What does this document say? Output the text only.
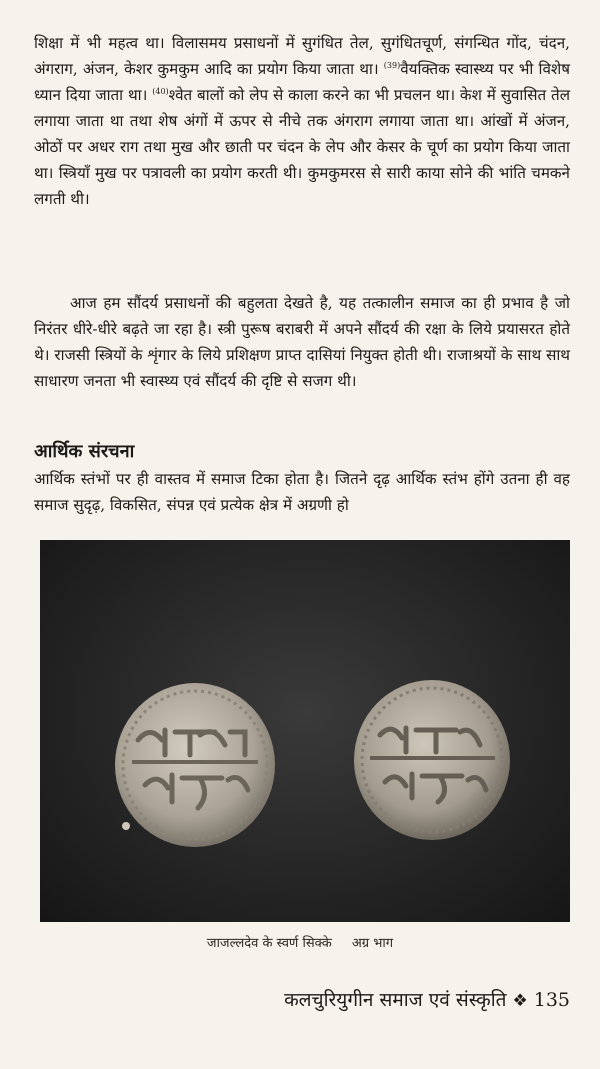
शिक्षा में भी महत्व था। विलासमय प्रसाधनों में सुगंधित तेल, सुगंधितचूर्ण, संगन्धित गोंद, चंदन, अंगराग, अंजन, केशर कुमकुम आदि का प्रयोग किया जाता था। $^{(39)}$वैयक्तिक स्वास्थ्य पर भी विशेष ध्यान दिया जाता था। $^{(40)}$श्वेत बालों को लेप से काला करने का भी प्रचलन था। केश में सुवासित तेल लगाया जाता था तथा शेष अंगों में ऊपर से नीचे तक अंगराग लगाया जाता था। आंखों में अंजन, ओठों पर अधर राग तथा मुख और छाती पर चंदन के लेप और केसर के चूर्ण का प्रयोग किया जाता था। स्त्रियाँ मुख पर पत्रावली का प्रयोग करती थी। कुमकुमरस से सारी काया सोने की भांति चमकने लगती थी।

आज हम सौंदर्य प्रसाधनों की बहुलता देखते है, यह तत्कालीन समाज का ही प्रभाव है जो निरंतर धीरे-धीरे बढ़ते जा रहा है। स्त्री पुरूष बराबरी में अपने सौंदर्य की रक्षा के लिये प्रयासरत होते थे। राजसी स्त्रियों के शृंगार के लिये प्रशिक्षण प्राप्त दासियां नियुक्त होती थी। राजाश्रयों के साथ साथ साधारण जनता भी स्वास्थ्य एवं सौंदर्य की दृष्टि से सजग थी।

आर्थिक संरचना

आर्थिक स्तंभों पर ही वास्तव में समाज टिका होता है। जितने दृढ़ आर्थिक स्तंभ होंगे उतना ही वह समाज सुदृढ़, विकसित, संपन्न एवं प्रत्येक क्षेत्र में अग्रणी हो

जाजल्लदेव के स्वर्ण सिक्के अग्र भाग
कलचुरियुगीन समाज एवं संस्कृति ❖ 135
